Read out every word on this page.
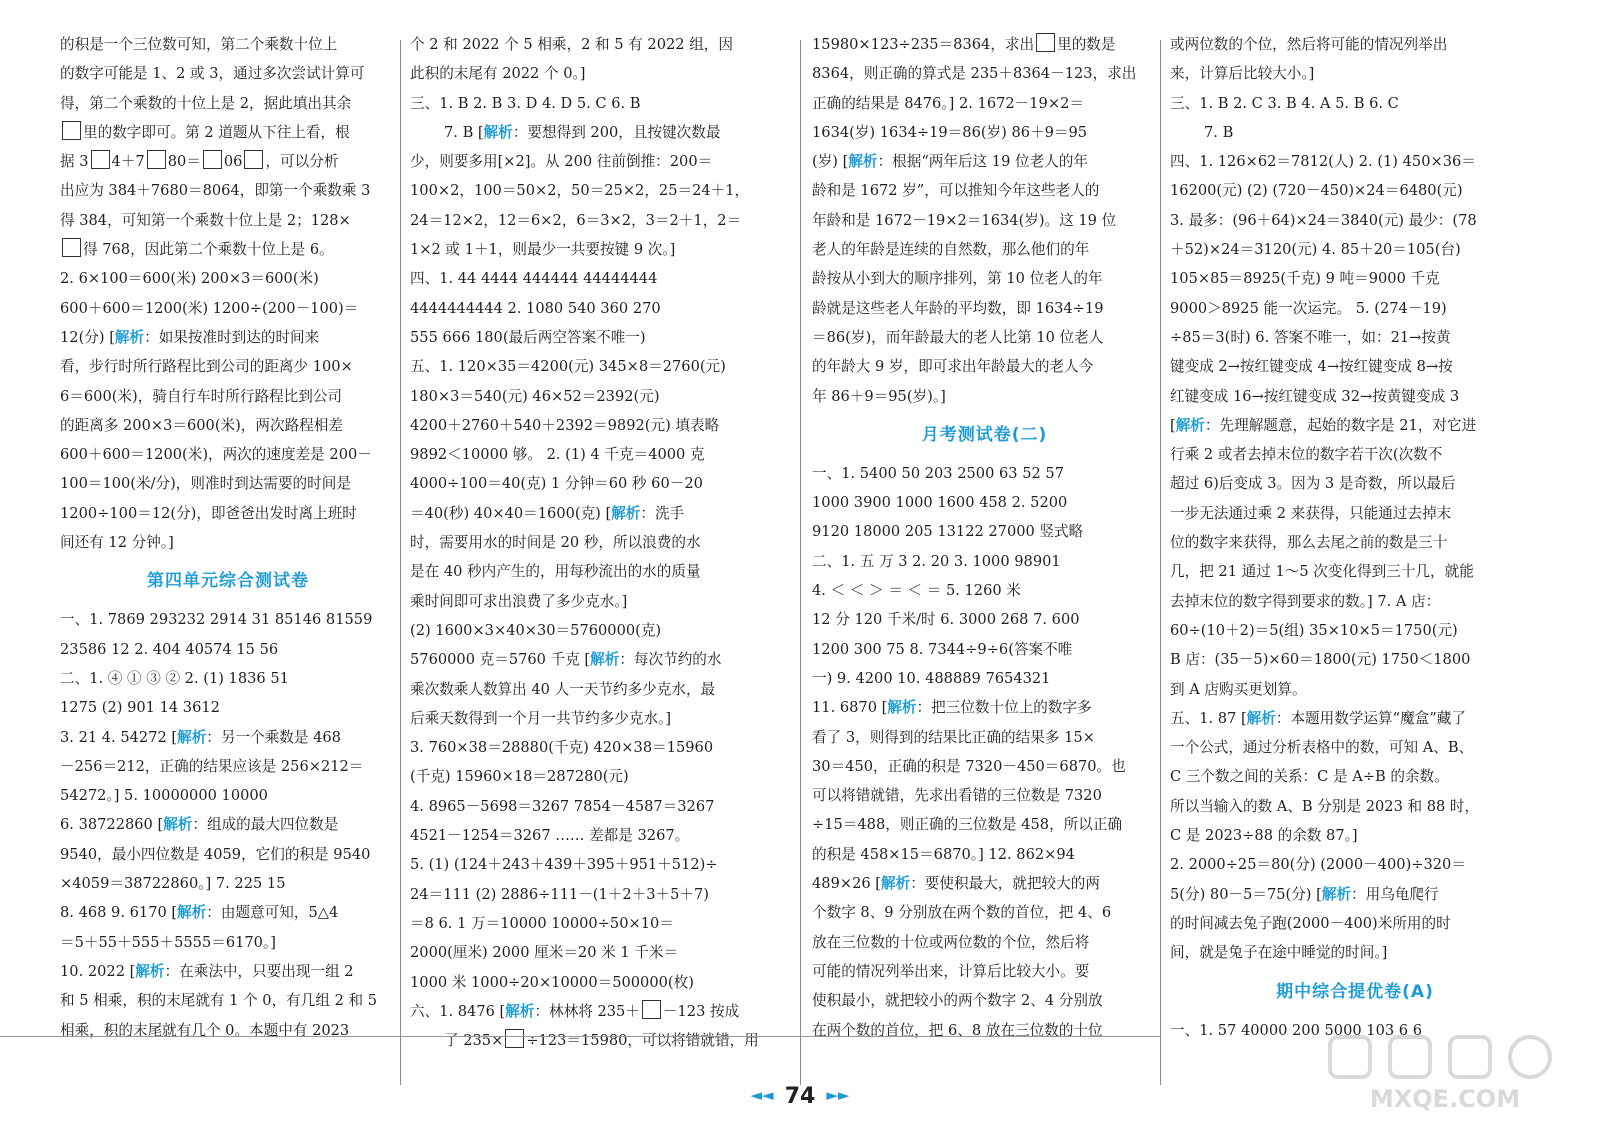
的积是一个三位数可知，第二个乘数十位上

的数字可能是 1、2 或 3，通过多次尝试计算可

得，第二个乘数的十位上是 2，据此填出其余

里的数字即可。第 2 道题从下往上看，根

据 3 4＋7 80＝ 06 ，可以分析

出应为 384＋7680＝8064，即第一个乘数乘 3

得 384，可知第一个乘数十位上是 2；128×

得 768，因此第二个乘数十位上是 6。

2. 6×100＝600(米) 200×3＝600(米)

600＋600＝1200(米) 1200÷(200－100)＝

12(分) [解析：如果按准时到达的时间来

看，步行时所行路程比到公司的距离少 100×

6＝600(米)，骑自行车时所行路程比到公司

的距离多 200×3＝600(米)，两次路程相差

600＋600＝1200(米)，两次的速度差是 200－

100＝100(米/分)，则准时到达需要的时间是

1200÷100＝12(分)，即爸爸出发时离上班时

间还有 12 分钟。]

第四单元综合测试卷

一、1. 7869 293232 2914 31 85146 81559

23586 12 2. 404 40574 15 56

二、1. ④ ① ③ ② 2. (1) 1836 51

1275 (2) 901 14 3612

3. 21 4. 54272 [解析：另一个乘数是 468

－256＝212，正确的结果应该是 256×212＝

54272。] 5. 10000000 10000

6. 38722860 [解析：组成的最大四位数是

9540，最小四位数是 4059，它们的积是 9540

×4059＝38722860。] 7. 225 15

8. 468 9. 6170 [解析：由题意可知，5△4

＝5＋55＋555＋5555＝6170。]

10. 2022 [解析：在乘法中，只要出现一组 2

和 5 相乘，积的末尾就有 1 个 0，有几组 2 和 5

相乘，积的末尾就有几个 0。本题中有 2023

个 2 和 2022 个 5 相乘，2 和 5 有 2022 组，因

此积的末尾有 2022 个 0。]

三、1. B 2. B 3. D 4. D 5. C 6. B

7. B [解析：要想得到 200，且按键次数最

少，则要多用[×2]。从 200 往前倒推：200＝

100×2，100＝50×2，50＝25×2，25＝24＋1，

24＝12×2，12＝6×2，6＝3×2，3＝2＋1，2＝

1×2 或 1＋1，则最少一共要按键 9 次。]

四、1. 44 4444 444444 44444444

4444444444 2. 1080 540 360 270

555 666 180(最后两空答案不唯一)

五、1. 120×35＝4200(元) 345×8＝2760(元)

180×3＝540(元) 46×52＝2392(元)

4200＋2760＋540＋2392＝9892(元) 填表略

9892＜10000 够。 2. (1) 4 千克＝4000 克

4000÷100＝40(克) 1 分钟＝60 秒 60－20

＝40(秒) 40×40＝1600(克) [解析：洗手

时，需要用水的时间是 20 秒，所以浪费的水

是在 40 秒内产生的，用每秒流出的水的质量

乘时间即可求出浪费了多少克水。]

(2) 1600×3×40×30＝5760000(克)

5760000 克＝5760 千克 [解析：每次节约的水

乘次数乘人数算出 40 人一天节约多少克水，最

后乘天数得到一个月一共节约多少克水。]

3. 760×38＝28880(千克) 420×38＝15960

(千克) 15960×18＝287280(元)

4. 8965－5698＝3267 7854－4587＝3267

4521－1254＝3267 …… 差都是 3267。

5. (1) (124＋243＋439＋395＋951＋512)÷

24＝111 (2) 2886÷111－(1＋2＋3＋5＋7)

＝8 6. 1 万＝10000 10000÷50×10＝

2000(厘米) 2000 厘米＝20 米 1 千米＝

1000 米 1000÷20×10000＝500000(枚)

六、1. 8476 [解析：林林将 235＋ －123 按成

了 235× ÷123＝15980，可以将错就错，用

15980×123÷235＝8364，求出 里的数是

8364，则正确的算式是 235＋8364－123，求出

正确的结果是 8476。] 2. 1672－19×2＝

1634(岁) 1634÷19＝86(岁) 86＋9＝95

(岁) [解析：根据“两年后这 19 位老人的年

龄和是 1672 岁”，可以推知今年这些老人的

年龄和是 1672－19×2＝1634(岁)。这 19 位

老人的年龄是连续的自然数，那么他们的年

龄按从小到大的顺序排列，第 10 位老人的年

龄就是这些老人年龄的平均数，即 1634÷19

＝86(岁)，而年龄最大的老人比第 10 位老人

的年龄大 9 岁，即可求出年龄最大的老人今

年 86＋9＝95(岁)。]

月考测试卷(二)

一、1. 5400 50 203 2500 63 52 57

1000 3900 1000 1600 458 2. 5200

9120 18000 205 13122 27000 竖式略

二、1. 五 万 3 2. 20 3. 1000 98901

4. ＜ ＜ ＞ ＝ ＜ ＝ 5. 1260 米

12 分 120 千米/时 6. 3000 268 7. 600

1200 300 75 8. 7344÷9÷6(答案不唯

一) 9. 4200 10. 488889 7654321

11. 6870 [解析：把三位数十位上的数字多

看了 3，则得到的结果比正确的结果多 15×

30＝450，正确的积是 7320－450＝6870。也

可以将错就错，先求出看错的三位数是 7320

÷15＝488，则正确的三位数是 458，所以正确

的积是 458×15＝6870。] 12. 862×94

489×26 [解析：要使积最大，就把较大的两

个数字 8、9 分别放在两个数的首位，把 4、6

放在三位数的十位或两位数的个位，然后将

可能的情况列举出来，计算后比较大小。要

使积最小，就把较小的两个数字 2、4 分别放

在两个数的首位，把 6、8 放在三位数的十位

或两位数的个位，然后将可能的情况列举出

来，计算后比较大小。]

三、1. B 2. C 3. B 4. A 5. B 6. C

7. B

四、1. 126×62＝7812(人) 2. (1) 450×36＝

16200(元) (2) (720－450)×24＝6480(元)

3. 最多：(96＋64)×24＝3840(元) 最少：(78

＋52)×24＝3120(元) 4. 85＋20＝105(台)

105×85＝8925(千克) 9 吨＝9000 千克

9000＞8925 能一次运完。 5. (274－19)

÷85＝3(时) 6. 答案不唯一，如：21→按黄

键变成 2→按红键变成 4→按红键变成 8→按

红键变成 16→按红键变成 32→按黄键变成 3

[解析：先理解题意，起始的数字是 21，对它进

行乘 2 或者去掉末位的数字若干次(次数不

超过 6)后变成 3。因为 3 是奇数，所以最后

一步无法通过乘 2 来获得，只能通过去掉末

位的数字来获得，那么去尾之前的数是三十

几，把 21 通过 1～5 次变化得到三十几，就能

去掉末位的数字得到要求的数。] 7. A 店：

60÷(10＋2)＝5(组) 35×10×5＝1750(元)

B 店：(35－5)×60＝1800(元) 1750＜1800

到 A 店购买更划算。

五、1. 87 [解析：本题用数学运算“魔盒”藏了

一个公式，通过分析表格中的数，可知 A、B、

C 三个数之间的关系：C 是 A÷B 的余数。

所以当输入的数 A、B 分别是 2023 和 88 时，

C 是 2023÷88 的余数 87。]

2. 2000÷25＝80(分) (2000－400)÷320＝

5(分) 80－5＝75(分) [解析：用乌龟爬行

的时间减去兔子跑(2000－400)米所用的时

间，就是兔子在途中睡觉的时间。]

期中综合提优卷(A)

一、1. 57 40000 200 5000 103 6 6

◄◄ 74 ►►	MXQE.COM
